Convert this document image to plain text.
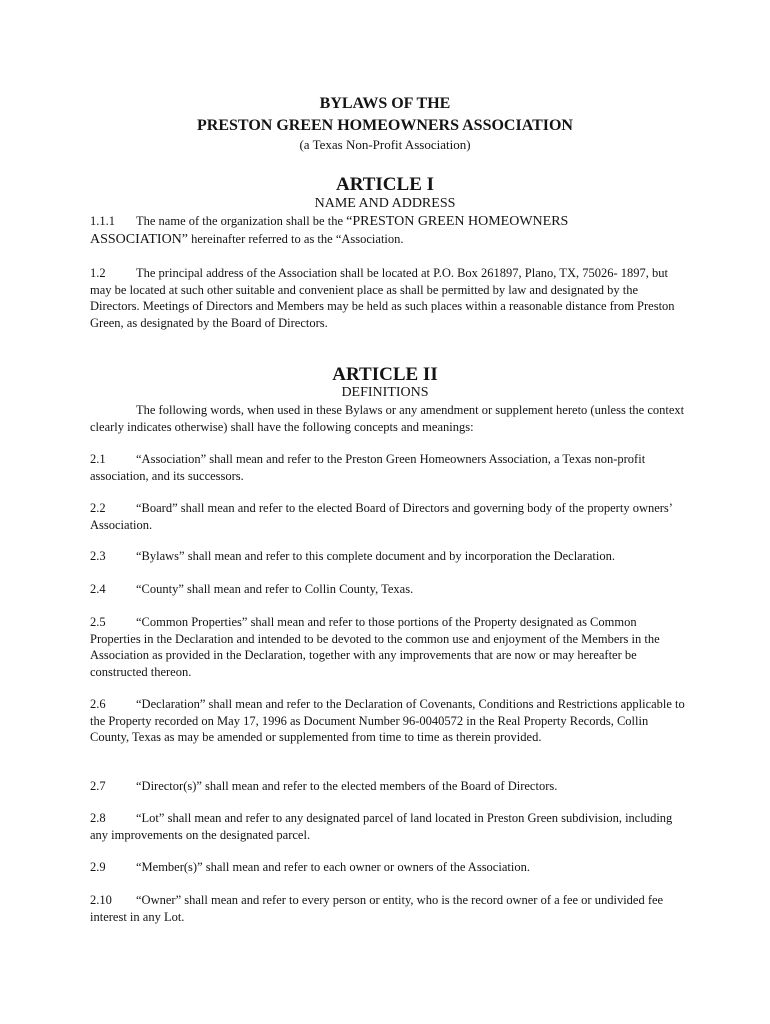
BYLAWS OF THE
PRESTON GREEN HOMEOWNERS ASSOCIATION
(a Texas Non-Profit Association)
ARTICLE I
NAME AND ADDRESS
1.1.1 The name of the organization shall be the “PRESTON GREEN HOMEOWNERS
ASSOCIATION” hereinafter referred to as the “Association.
1.2 The principal address of the Association shall be located at P.O. Box 261897, Plano, TX, 75026- 1897, but may be located at such other suitable and convenient place as shall be permitted by law and designated by the Directors. Meetings of Directors and Members may be held as such places within a reasonable distance from Preston Green, as designated by the Board of Directors.
ARTICLE II
DEFINITIONS
The following words, when used in these Bylaws or any amendment or supplement hereto (unless the context clearly indicates otherwise) shall have the following concepts and meanings:
2.1 “Association” shall mean and refer to the Preston Green Homeowners Association, a Texas non-profit association, and its successors.
2.2 “Board” shall mean and refer to the elected Board of Directors and governing body of the property owners’ Association.
2.3 “Bylaws” shall mean and refer to this complete document and by incorporation the Declaration.
2.4 “County” shall mean and refer to Collin County, Texas.
2.5 “Common Properties” shall mean and refer to those portions of the Property designated as Common Properties in the Declaration and intended to be devoted to the common use and enjoyment of the Members in the Association as provided in the Declaration, together with any improvements that are now or may hereafter be constructed thereon.
2.6 “Declaration” shall mean and refer to the Declaration of Covenants, Conditions and Restrictions applicable to the Property recorded on May 17, 1996 as Document Number 96-0040572 in the Real Property Records, Collin County, Texas as may be amended or supplemented from time to time as therein provided.
2.7 “Director(s)” shall mean and refer to the elected members of the Board of Directors.
2.8 “Lot” shall mean and refer to any designated parcel of land located in Preston Green subdivision, including any improvements on the designated parcel.
2.9 “Member(s)” shall mean and refer to each owner or owners of the Association.
2.10 “Owner” shall mean and refer to every person or entity, who is the record owner of a fee or undivided fee interest in any Lot.
